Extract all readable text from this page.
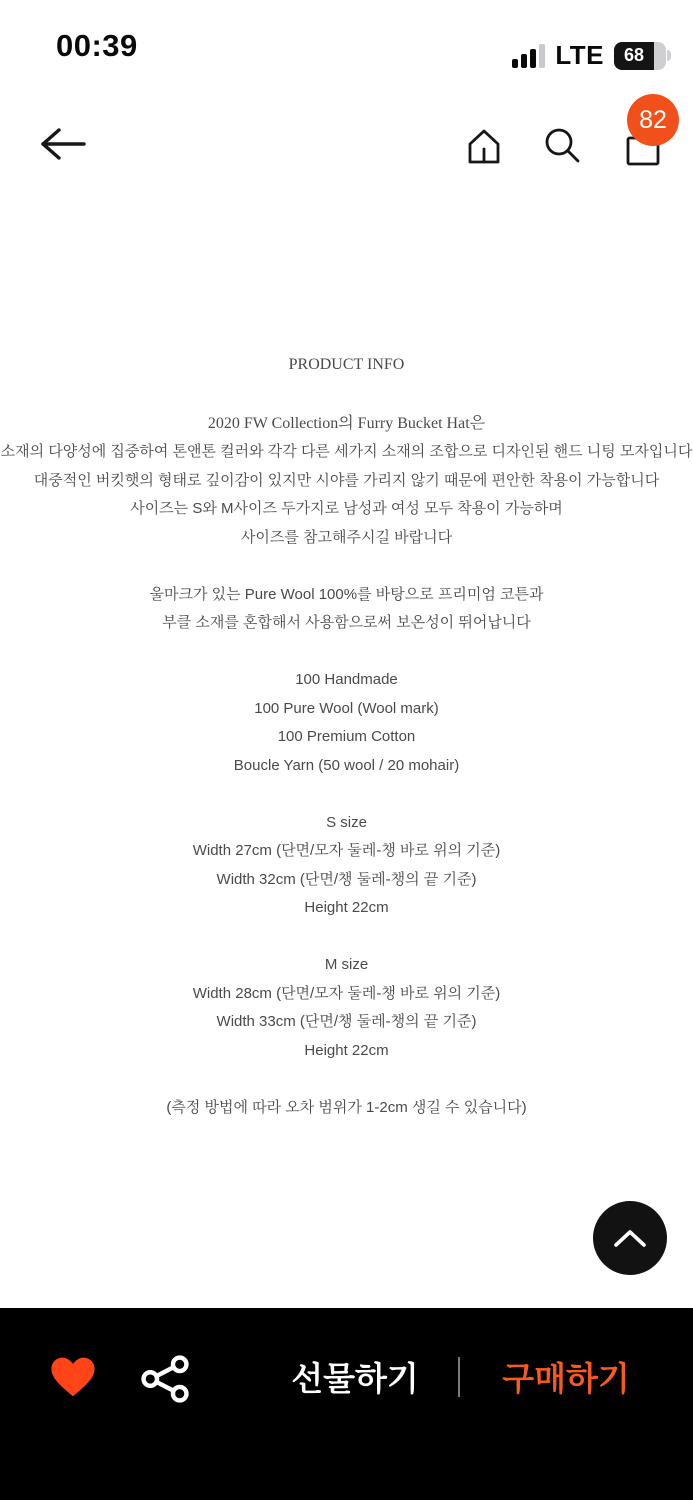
00:39	LTE	68
82

PRODUCT INFO

2020 FW Collection의 Furry Bucket Hat은

소재의 다양성에 집중하여 톤앤톤 컬러와 각각 다른 세가지 소재의 조합으로 디자인된 핸드 니팅 모자입니다

대중적인 버킷햇의 형태로 깊이감이 있지만 시야를 가리지 않기 때문에 편안한 착용이 가능합니다

사이즈는 S와 M사이즈 두가지로 남성과 여성 모두 착용이 가능하며

사이즈를 참고해주시길 바랍니다

울마크가 있는 Pure Wool 100%를 바탕으로 프리미엄 코튼과

부클 소재를 혼합해서 사용함으로써 보온성이 뛰어납니다

100 Handmade

100 Pure Wool (Wool mark)

100 Premium Cotton

Boucle Yarn (50 wool / 20 mohair)

S size

Width 27cm (단면/모자 둘레-챙 바로 위의 기준)

Width 32cm (단면/챙 둘레-챙의 끝 기준)

Height 22cm

M size

Width 28cm (단면/모자 둘레-챙 바로 위의 기준)

Width 33cm (단면/챙 둘레-챙의 끝 기준)

Height 22cm

(측정 방법에 따라 오차 범위가 1-2cm 생길 수 있습니다)

선물하기	구매하기
